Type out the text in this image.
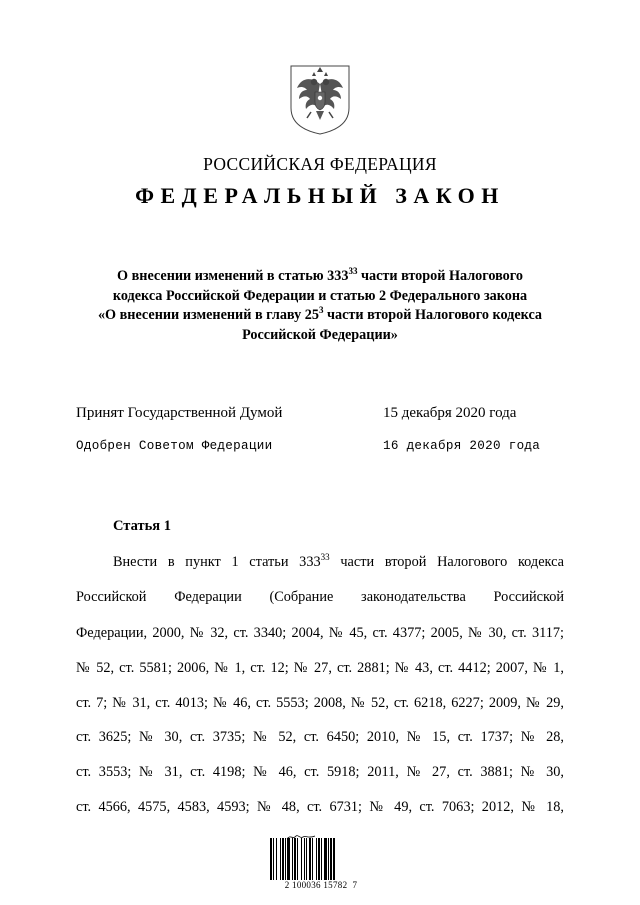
РОССИЙСКАЯ ФЕДЕРАЦИЯ
ФЕДЕРАЛЬНЫЙ ЗАКОН
О внесении изменений в статью $333^{33}$ части второй Налогового
кодекса Российской Федерации и статью 2 Федерального закона
«О внесении изменений в главу $25^3$ части второй Налогового кодекса
Российской Федерации»
Принят Государственной Думой	15 декабря 2020 года
Одобрен Советом Федерации	16 декабря 2020 года
Статья 1
Внести в пункт 1 статьи $333^{33}$ части второй Налогового кодекса
Российской Федерации (Собрание законодательства Российской
Федерации, 2000, № 32, ст. 3340; 2004, № 45, ст. 4377; 2005, № 30, ст. 3117;
№ 52, ст. 5581; 2006, № 1, ст. 12; № 27, ст. 2881; № 43, ст. 4412; 2007, № 1,
ст. 7; № 31, ст. 4013; № 46, ст. 5553; 2008, № 52, ст. 6218, 6227; 2009, № 29,
ст. 3625; № 30, ст. 3735; № 52, ст. 6450; 2010, № 15, ст. 1737; № 28,
ст. 3553; № 31, ст. 4198; № 46, ст. 5918; 2011, № 27, ст. 3881; № 30,
ст. 4566, 4575, 4583, 4593; № 48, ст. 6731; № 49, ст. 7063; 2012, № 18,
2 100036 15782  7
